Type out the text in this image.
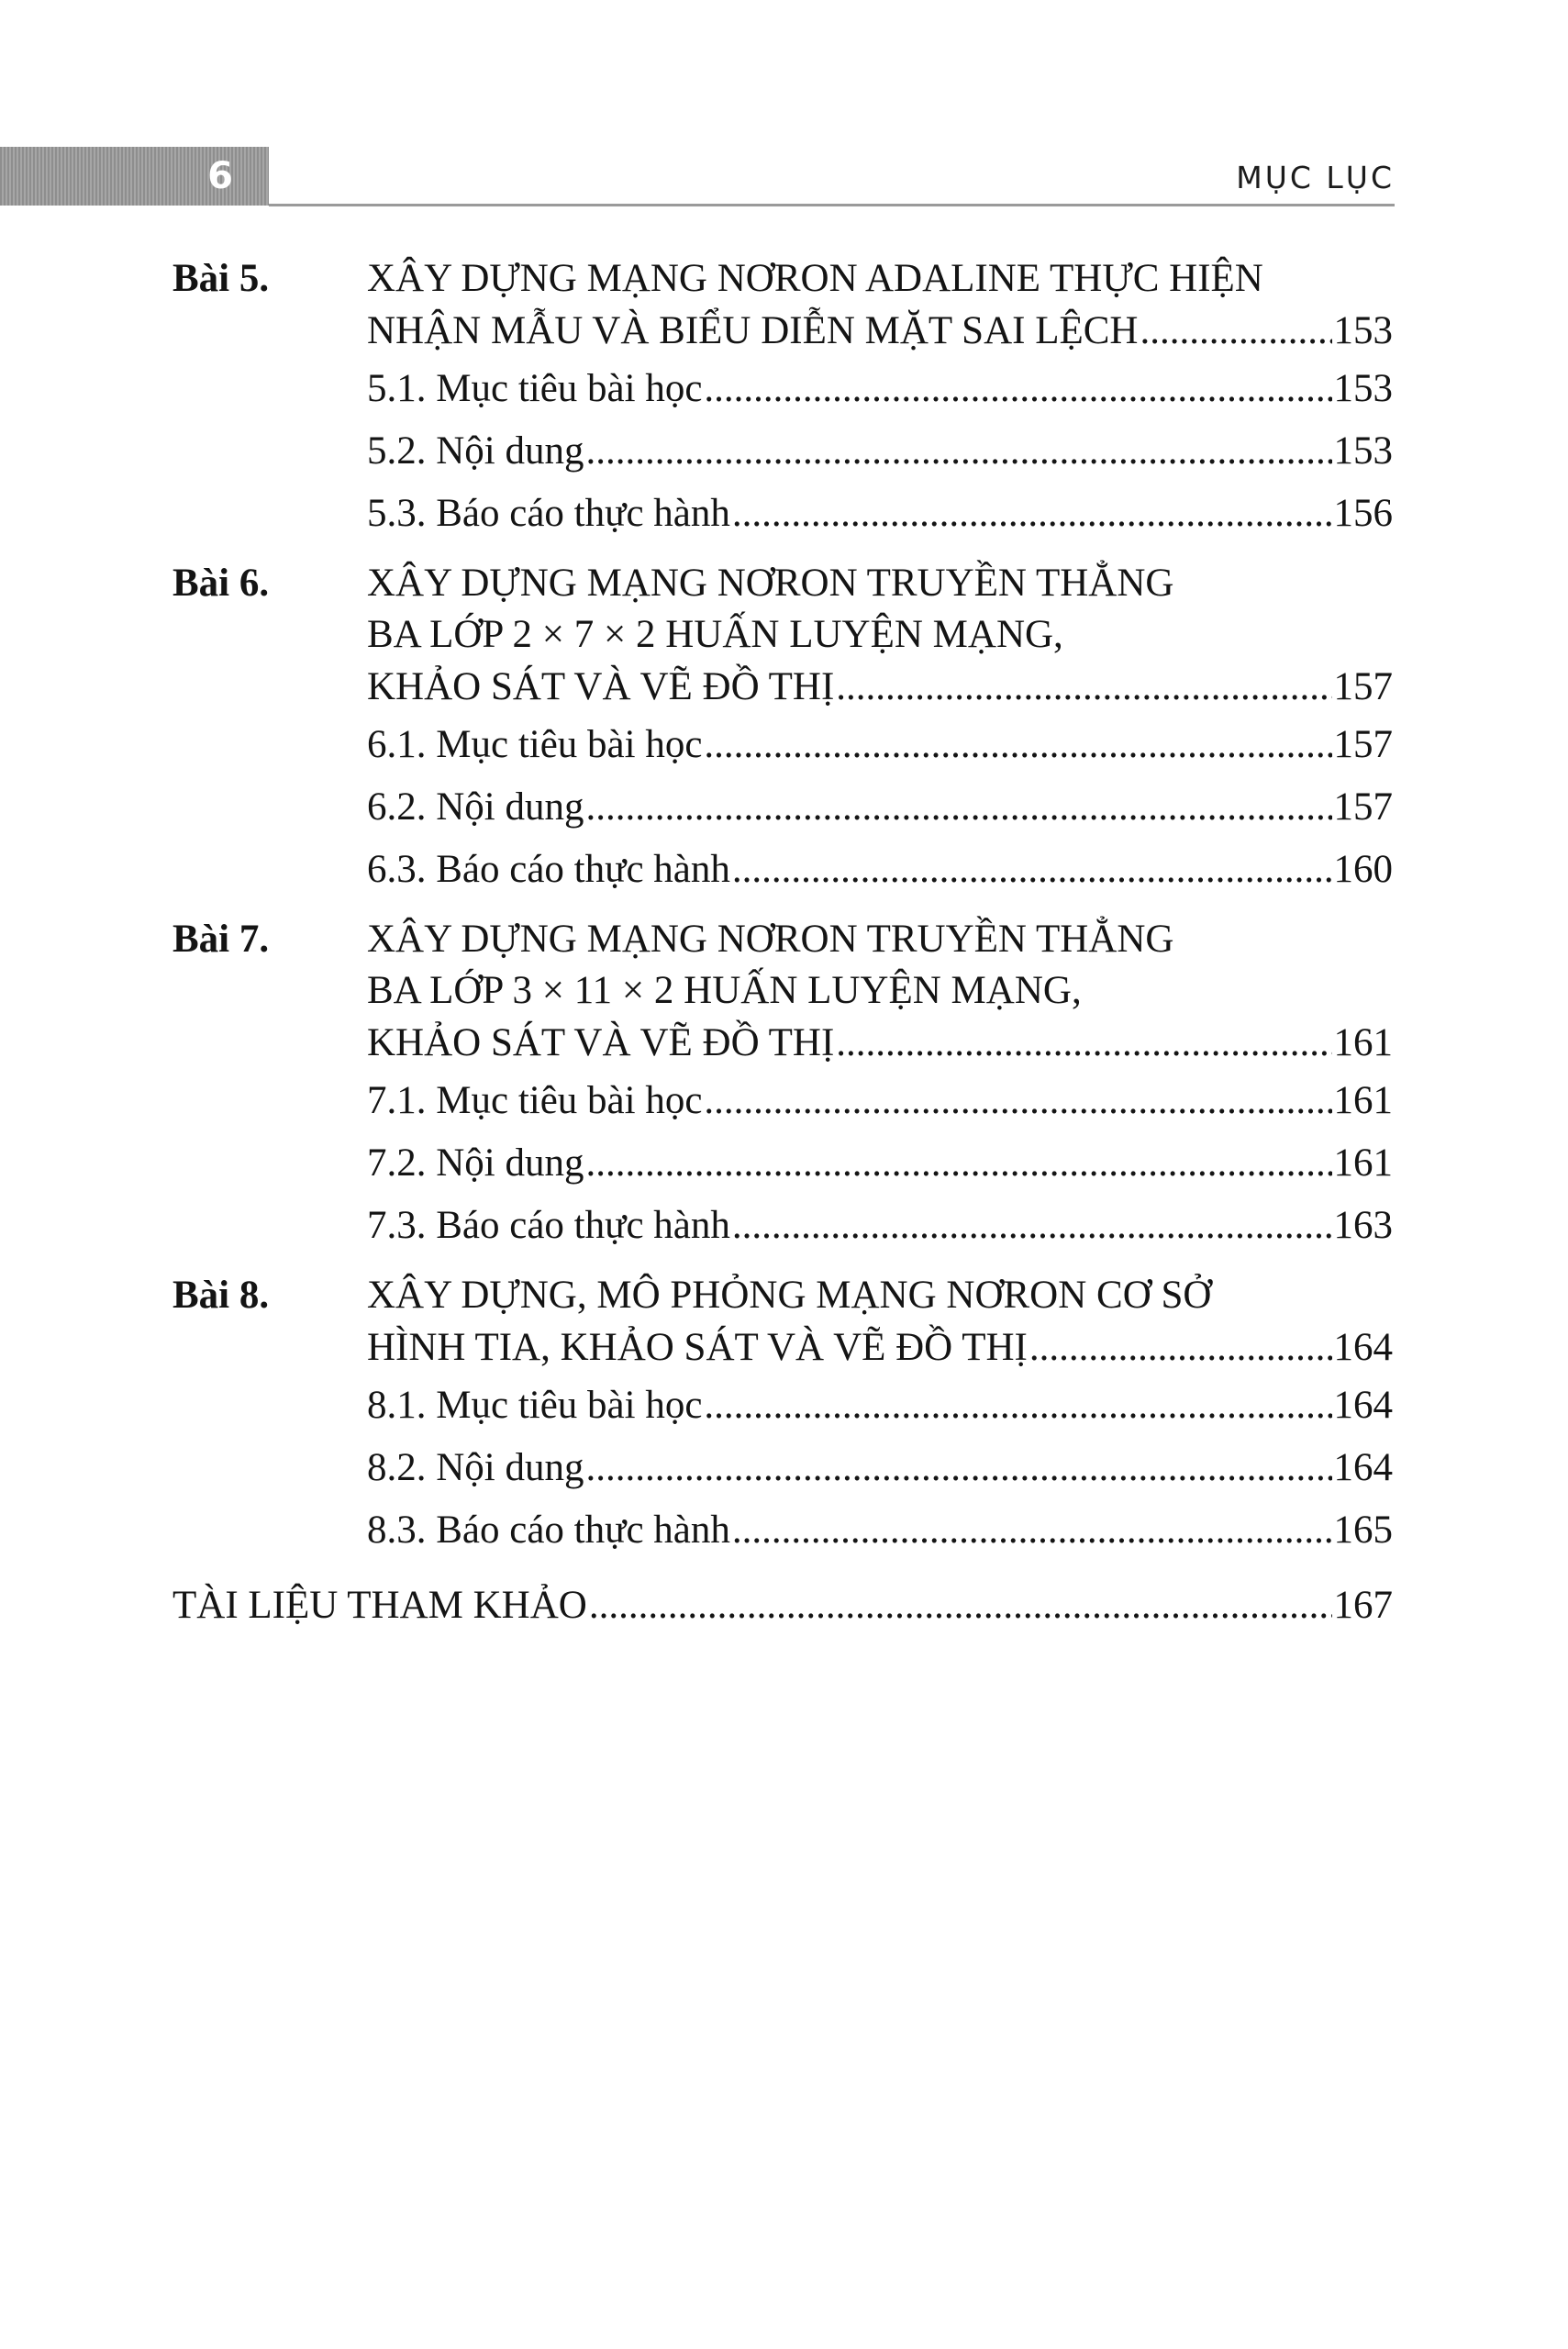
6	MỤC LỤC
Bài 5. XÂY DỰNG MẠNG NƠRON ADALINE THỰC HIỆN
NHẬN MẪU VÀ BIỂU DIỄN MẶT SAI LỆCH .....	153
5.1. Mục tiêu bài học .....	153
5.2. Nội dung .....	153
5.3. Báo cáo thực hành .....	156
Bài 6. XÂY DỰNG MẠNG NƠRON TRUYỀN THẲNG
BA LỚP 2 × 7 × 2 HUẤN LUYỆN MẠNG,
KHẢO SÁT VÀ VẼ ĐỒ THỊ .....	157
6.1. Mục tiêu bài học .....	157
6.2. Nội dung .....	157
6.3. Báo cáo thực hành .....	160
Bài 7. XÂY DỰNG MẠNG NƠRON TRUYỀN THẲNG
BA LỚP 3 × 11 × 2 HUẤN LUYỆN MẠNG,
KHẢO SÁT VÀ VẼ ĐỒ THỊ .....	161
7.1. Mục tiêu bài học .....	161
7.2. Nội dung .....	161
7.3. Báo cáo thực hành .....	163
Bài 8. XÂY DỰNG, MÔ PHỎNG MẠNG NƠRON CƠ SỞ
HÌNH TIA, KHẢO SÁT VÀ VẼ ĐỒ THỊ .....	164
8.1. Mục tiêu bài học .....	164
8.2. Nội dung .....	164
8.3. Báo cáo thực hành .....	165
TÀI LIỆU THAM KHẢO .....	167
